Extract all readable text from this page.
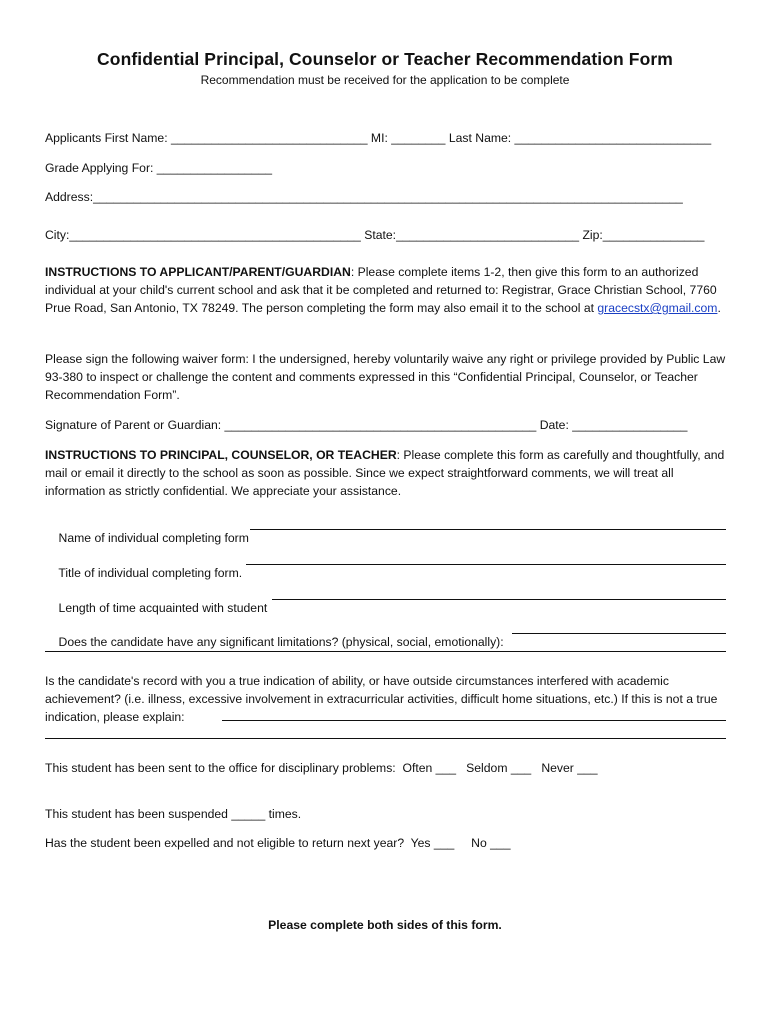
Confidential Principal, Counselor or Teacher Recommendation Form
Recommendation must be received for the application to be complete
Applicants First Name: _____________________________ MI: ________ Last Name: _____________________________
Grade Applying For: _________________
Address:_______________________________________________________________________________________
City:___________________________________________ State:___________________________ Zip:_______________
INSTRUCTIONS TO APPLICANT/PARENT/GUARDIAN: Please complete items 1-2, then give this form to an authorized individual at your child's current school and ask that it be completed and returned to: Registrar, Grace Christian School, 7760 Prue Road, San Antonio, TX 78249. The person completing the form may also email it to the school at gracecstx@gmail.com.
Please sign the following waiver form: I the undersigned, hereby voluntarily waive any right or privilege provided by Public Law 93-380 to inspect or challenge the content and comments expressed in this “Confidential Principal, Counselor, or Teacher Recommendation Form”.
Signature of Parent or Guardian: ______________________________________________ Date: _________________
INSTRUCTIONS TO PRINCIPAL, COUNSELOR, OR TEACHER: Please complete this form as carefully and thoughtfully, and mail or email it directly to the school as soon as possible. Since we expect straightforward comments, we will treat all information as strictly confidential. We appreciate your assistance.

Name of individual completing form

Title of individual completing form.

Length of time acquainted with student

Does the candidate have any significant limitations? (physical, social, emotionally):

Is the candidate's record with you a true indication of ability, or have outside circumstances interfered with academic achievement? (i.e. illness, excessive involvement in extracurricular activities, difficult home situations, etc.) If this is not a true indication, please explain:
This student has been sent to the office for disciplinary problems:  Often ___   Seldom ___   Never ___
This student has been suspended _____ times.
Has the student been expelled and not eligible to return next year?  Yes ___     No ___
Please complete both sides of this form.
